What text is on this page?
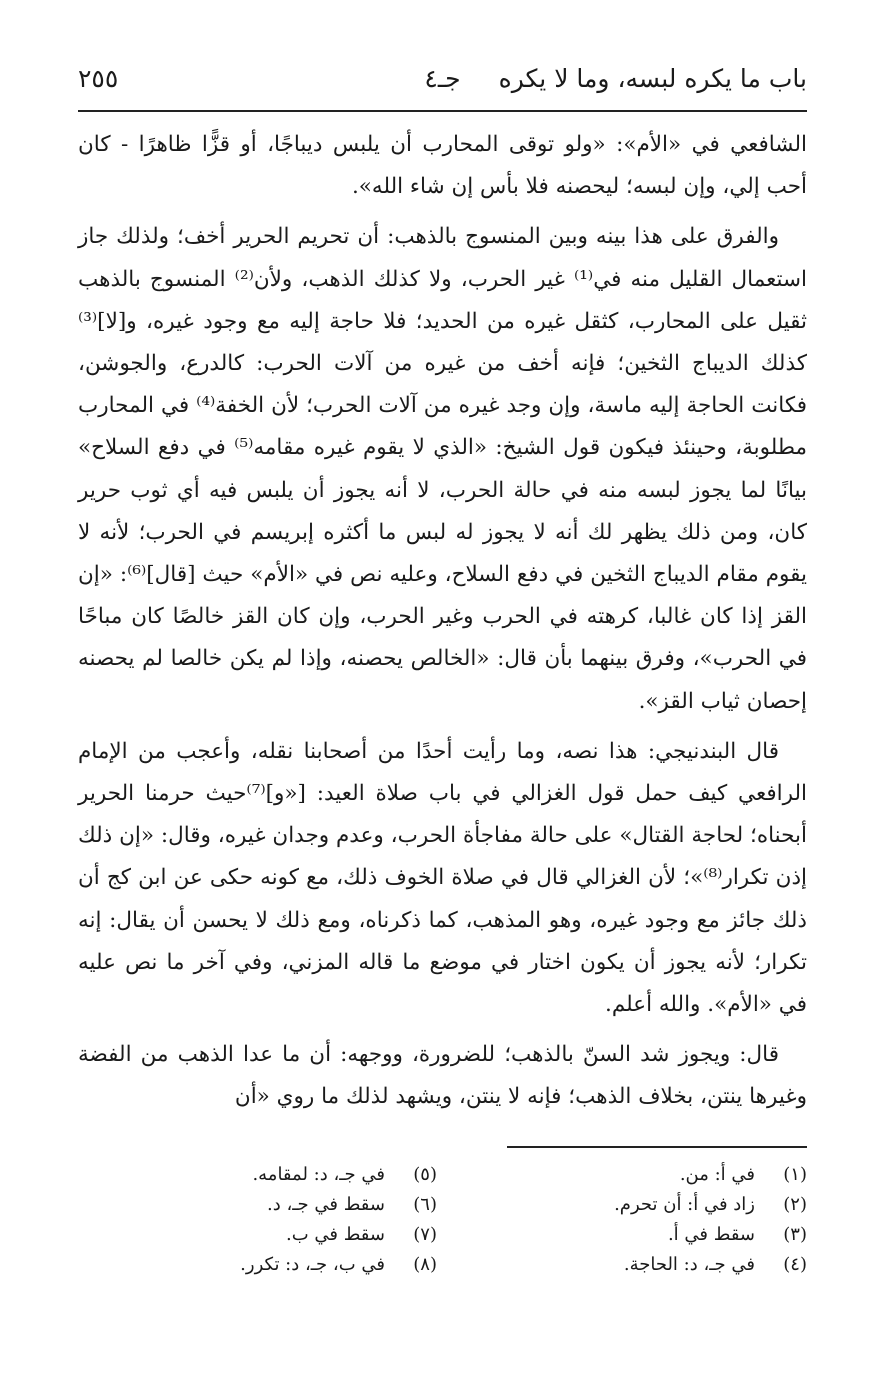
باب ما يكره لبسه، وما لا يكره
جـ٤
٢٥٥

الشافعي في «الأم»: «ولو توقى المحارب أن يلبس ديباجًا، أو قزًّا ظاهرًا - كان أحب إلي، وإن لبسه؛ ليحصنه فلا بأس إن شاء الله».

والفرق على هذا بينه وبين المنسوج بالذهب: أن تحريم الحرير أخف؛ ولذلك جاز استعمال القليل منه في⁽¹⁾ غير الحرب، ولا كذلك الذهب، ولأن⁽²⁾ المنسوج بالذهب ثقيل على المحارب، كثقل غيره من الحديد؛ فلا حاجة إليه مع وجود غيره، و[لا]⁽³⁾ كذلك الديباج الثخين؛ فإنه أخف من غيره من آلات الحرب: كالدرع، والجوشن، فكانت الحاجة إليه ماسة، وإن وجد غيره من آلات الحرب؛ لأن الخفة⁽⁴⁾ في المحارب مطلوبة، وحينئذ فيكون قول الشيخ: «الذي لا يقوم غيره مقامه⁽⁵⁾ في دفع السلاح» بيانًا لما يجوز لبسه منه في حالة الحرب، لا أنه يجوز أن يلبس فيه أي ثوب حرير كان، ومن ذلك يظهر لك أنه لا يجوز له لبس ما أكثره إبريسم في الحرب؛ لأنه لا يقوم مقام الديباج الثخين في دفع السلاح، وعليه نص في «الأم» حيث [قال]⁽⁶⁾: «إن القز إذا كان غالبا، كرهته في الحرب وغير الحرب، وإن كان القز خالصًا كان مباحًا في الحرب»، وفرق بينهما بأن قال: «الخالص يحصنه، وإذا لم يكن خالصا لم يحصنه إحصان ثياب القز».

قال البندنيجي: هذا نصه، وما رأيت أحدًا من أصحابنا نقله، وأعجب من الإمام الرافعي كيف حمل قول الغزالي في باب صلاة العيد: [«و]⁽⁷⁾حيث حرمنا الحرير أبحناه؛ لحاجة القتال» على حالة مفاجأة الحرب، وعدم وجدان غيره، وقال: «إن ذلك إذن تكرار⁽⁸⁾»؛ لأن الغزالي قال في صلاة الخوف ذلك، مع كونه حكى عن ابن كج أن ذلك جائز مع وجود غيره، وهو المذهب، كما ذكرناه، ومع ذلك لا يحسن أن يقال: إنه تكرار؛ لأنه يجوز أن يكون اختار في موضع ما قاله المزني، وفي آخر ما نص عليه في «الأم». والله أعلم.

قال: ويجوز شد السنّ بالذهب؛ للضرورة، ووجهه: أن ما عدا الذهب من الفضة وغيرها ينتن، بخلاف الذهب؛ فإنه لا ينتن، ويشهد لذلك ما روي «أن

(١)في أ: من.
(٢)زاد في أ: أن تحرم.
(٣)سقط في أ.
(٤)في جـ، د: الحاجة.
(٥)في جـ، د: لمقامه.
(٦)سقط في جـ، د.
(٧)سقط في ب.
(٨)في ب، جـ، د: تكرر.
